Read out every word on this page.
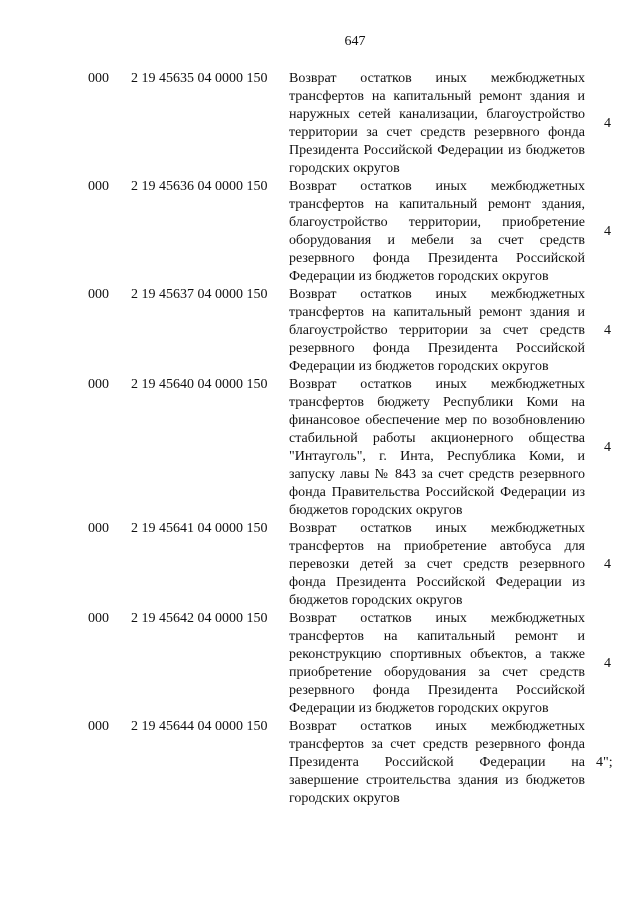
647
000 2 19 45635 04 0000 150 Возврат остатков иных межбюджетных трансфертов на капитальный ремонт здания и наружных сетей канализации, благоустройство территории за счет средств резервного фонда Президента Российской Федерации из бюджетов городских округов
4
000 2 19 45636 04 0000 150 Возврат остатков иных межбюджетных трансфертов на капитальный ремонт здания, благоустройство территории, приобретение оборудования и мебели за счет средств резервного фонда Президента Российской Федерации из бюджетов городских округов
4
000 2 19 45637 04 0000 150 Возврат остатков иных межбюджетных трансфертов на капитальный ремонт здания и благоустройство территории за счет средств резервного фонда Президента Российской Федерации из бюджетов городских округов
4
000 2 19 45640 04 0000 150 Возврат остатков иных межбюджетных трансфертов бюджету Республики Коми на финансовое обеспечение мер по возобновлению стабильной работы акционерного общества "Интауголь", г. Инта, Республика Коми, и запуску лавы № 843 за счет средств резервного фонда Правительства Российской Федерации из бюджетов городских округов
4
000 2 19 45641 04 0000 150 Возврат остатков иных межбюджетных трансфертов на приобретение автобуса для перевозки детей за счет средств резервного фонда Президента Российской Федерации из бюджетов городских округов
4
000 2 19 45642 04 0000 150 Возврат остатков иных межбюджетных трансфертов на капитальный ремонт и реконструкцию спортивных объектов, а также приобретение оборудования за счет средств резервного фонда Президента Российской Федерации из бюджетов городских округов
4
000 2 19 45644 04 0000 150 Возврат остатков иных межбюджетных трансфертов за счет средств резервного фонда Президента Российской Федерации на завершение строительства здания из бюджетов городских округов
4";
